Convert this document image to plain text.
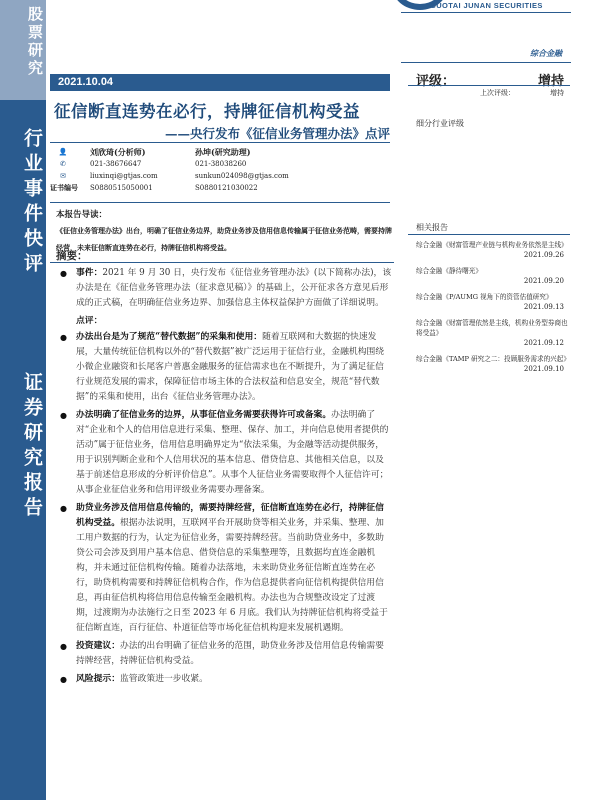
股票研究
行业事件快评
证券研究报告
GUOTAI JUNAN SECURITIES
综合金融
2021.10.04
征信断直连势在必行，持牌征信机构受益
——央行发布《征信业务管理办法》点评
👤
✆
✉
证书编号
刘欣琦(分析师)
021-38676647
liuxinqi@gtjas.com
S0880515050001
孙坤(研究助理)
021-38038260
sunkun024098@gtjas.com
S0880121030022
评级：	增持
上次评级：	增持
细分行业评级
相关报告
综合金融《财富管理产业链与机构业务依然是主线》
2021.09.26
综合金融《静待曙光》
2021.09.20
综合金融《P/AUMG 视角下的资管估值研究》
2021.09.13
综合金融《财富管理依然是主线，机构业务型券商也将受益》
2021.09.12
综合金融《TAMP 研究之二：投顾服务需求的兴起》
2021.09.10
本报告导读：
《征信业务管理办法》出台，明确了征信业务边界，助贷业务涉及信用信息传输属于征信业务范畴，需要持牌经营，未来征信断直连势在必行，持牌征信机构将受益。
摘要：
● 事件：2021 年 9 月 30 日，央行发布《征信业务管理办法》(以下简称办法)，该办法是在《征信业务管理办法（征求意见稿）》的基础上，公开征求各方意见后形成的正式稿，在明确征信业务边界、加强信息主体权益保护方面做了详细说明。
点评：
● 办法出台是为了规范“替代数据”的采集和使用：随着互联网和大数据的快速发展，大量传统征信机构以外的“替代数据”被广泛运用于征信行业，金融机构围绕小微企业融资和长尾客户普惠金融服务的征信需求也在不断提升，为了满足征信行业规范发展的需求，保障征信市场主体的合法权益和信息安全，规范“替代数据”的采集和使用，出台《征信业务管理办法》。
● 办法明确了征信业务的边界，从事征信业务需要获得许可或备案。办法明确了对“企业和个人的信用信息进行采集、整理、保存、加工，并向信息使用者提供的活动”属于征信业务，信用信息明确界定为“依法采集，为金融等活动提供服务，用于识别判断企业和个人信用状况的基本信息、借贷信息、其他相关信息，以及基于前述信息形成的分析评价信息”。从事个人征信业务需要取得个人征信许可；从事企业征信业务和信用评级业务需要办理备案。
● 助贷业务涉及信用信息传输的，需要持牌经营，征信断直连势在必行，持牌征信机构受益。根据办法说明，互联网平台开展助贷等相关业务，并采集、整理、加工用户数据的行为，认定为征信业务，需要持牌经营。当前助贷业务中，多数助贷公司会涉及到用户基本信息、借贷信息的采集整理等，且数据均直连金融机构，并未通过征信机构传输。随着办法落地，未来助贷业务征信断直连势在必行，助贷机构需要和持牌征信机构合作，作为信息提供者向征信机构提供信用信息，再由征信机构将信用信息传输至金融机构。办法也为合规整改设定了过渡期，过渡期为办法施行之日至 2023 年 6 月底。我们认为持牌征信机构将受益于征信断直连，百行征信、朴道征信等市场化征信机构迎来发展机遇期。
● 投资建议：办法的出台明确了征信业务的范围，助贷业务涉及信用信息传输需要持牌经营，持牌征信机构受益。
● 风险提示：监管政策进一步收紧。
